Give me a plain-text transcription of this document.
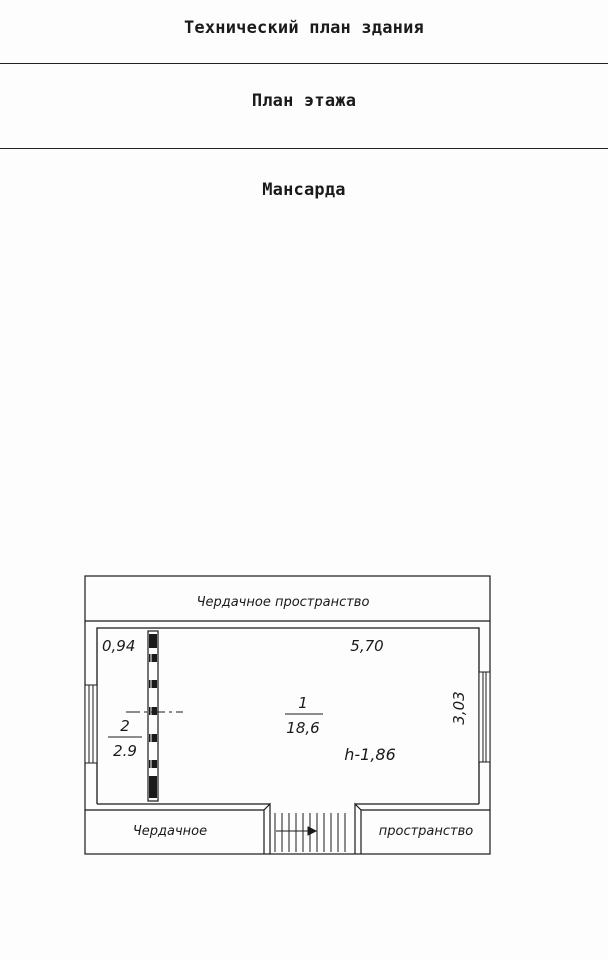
Технический план здания
План этажа
Мансарда
Чердачное пространство
Чердачное	пространство
0,94	5,70
1
18,6
h-1,86
3,03
2
2.9
